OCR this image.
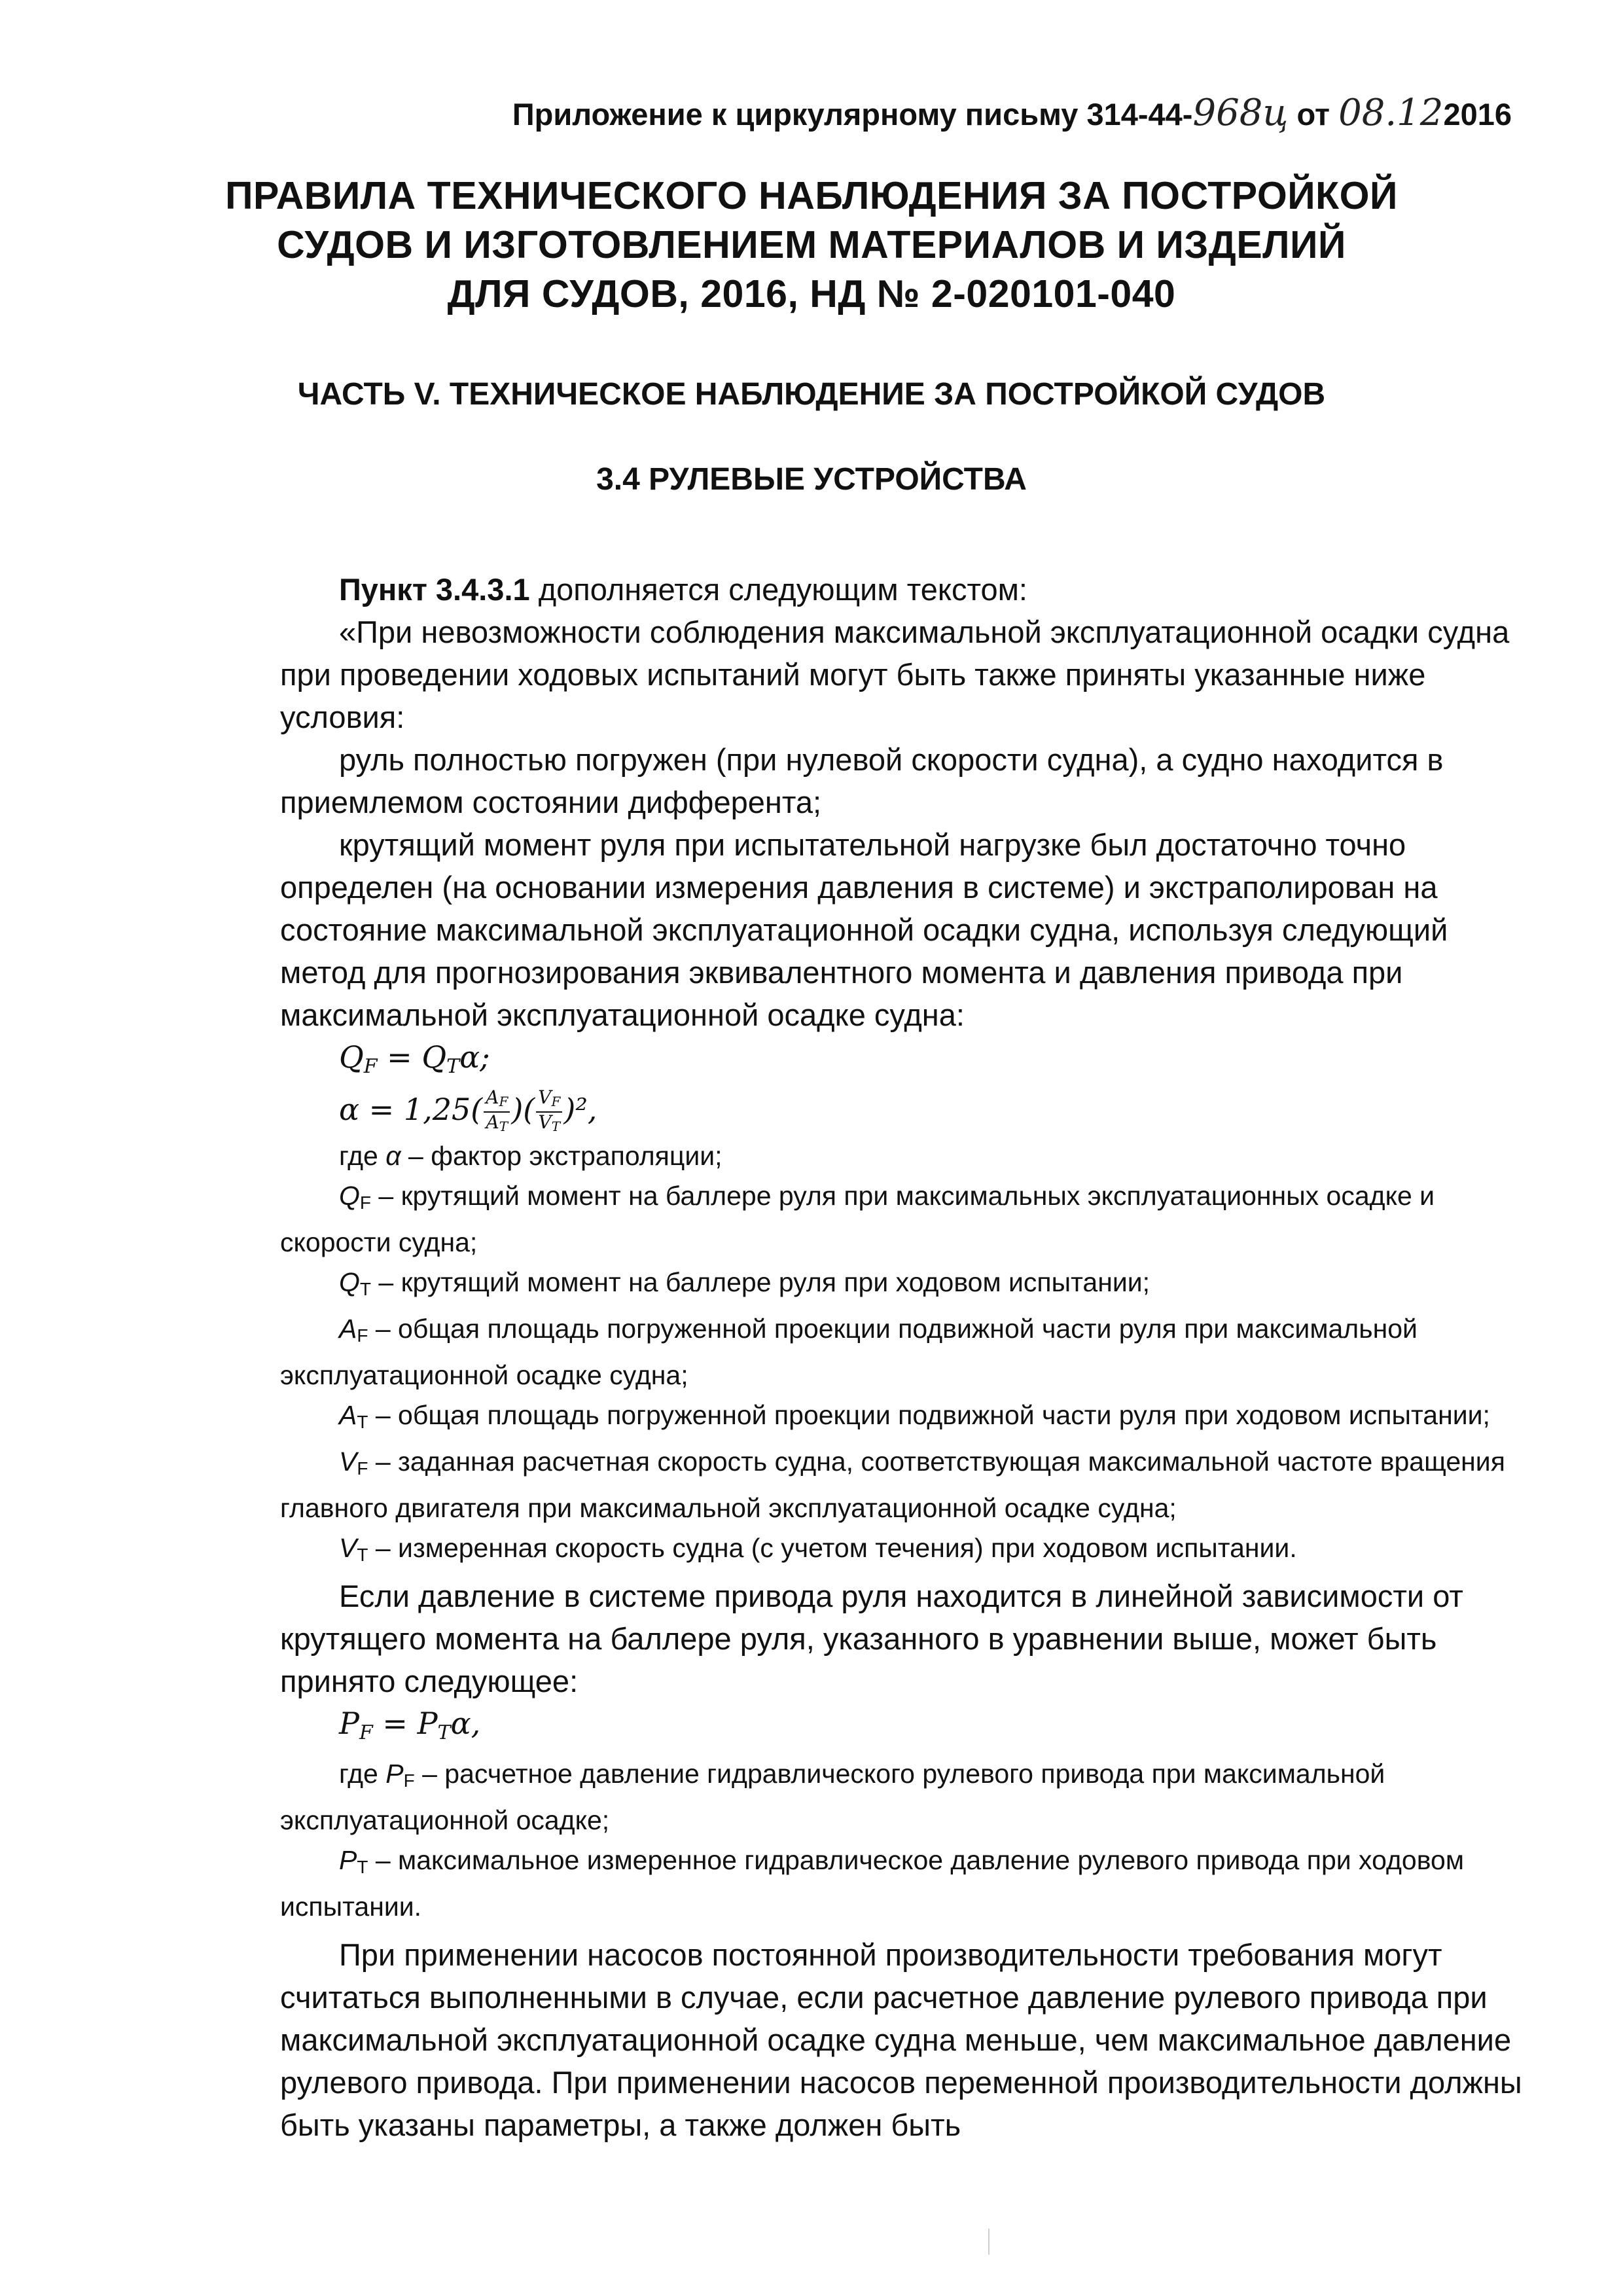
Приложение к циркулярному письму 314-44-968ц от 08.122016
ПРАВИЛА ТЕХНИЧЕСКОГО НАБЛЮДЕНИЯ ЗА ПОСТРОЙКОЙ
СУДОВ И ИЗГОТОВЛЕНИЕМ МАТЕРИАЛОВ И ИЗДЕЛИЙ
ДЛЯ СУДОВ, 2016, НД № 2-020101-040
ЧАСТЬ V. ТЕХНИЧЕСКОЕ НАБЛЮДЕНИЕ ЗА ПОСТРОЙКОЙ СУДОВ
3.4 РУЛЕВЫЕ УСТРОЙСТВА

Пункт 3.4.3.1 дополняется следующим текстом:

«При невозможности соблюдения максимальной эксплуатационной осадки судна при проведении ходовых испытаний могут быть также приняты указанные ниже условия:

руль полностью погружен (при нулевой скорости судна), а судно находится в приемлемом состоянии дифферента;

крутящий момент руля при испытательной нагрузке был достаточно точно определен (на основании измерения давления в системе) и экстраполирован на состояние максимальной эксплуатационной осадки судна, используя следующий метод для прогнозирования эквивалентного момента и давления привода при максимальной эксплуатационной осадке судна:

$Q_F = Q_T\alpha$;

$\alpha = 1,25( \frac{A_F}{A_T}$ )( $\frac{V_F}{V_T} )^2$,

где α – фактор экстраполяции;

$Q_F$ – крутящий момент на баллере руля при максимальных эксплуатационных осадке и скорости судна;

$Q_T$ – крутящий момент на баллере руля при ходовом испытании;

$A_F$ – общая площадь погруженной проекции подвижной части руля при максимальной эксплуатационной осадке судна;

$A_T$ – общая площадь погруженной проекции подвижной части руля при ходовом испытании;

$V_F$ – заданная расчетная скорость судна, соответствующая максимальной частоте вращения главного двигателя при максимальной эксплуатационной осадке судна;

$V_T$ – измеренная скорость судна (с учетом течения) при ходовом испытании.

Если давление в системе привода руля находится в линейной зависимости от крутящего момента на баллере руля, указанного в уравнении выше, может быть принято следующее:

$P_F = P_T\alpha$,

где $P_F$ – расчетное давление гидравлического рулевого привода при максимальной эксплуатационной осадке;

$P_T$ – максимальное измеренное гидравлическое давление рулевого привода при ходовом испытании.

При применении насосов постоянной производительности требования могут считаться выполненными в случае, если расчетное давление рулевого привода при максимальной эксплуатационной осадке судна меньше, чем максимальное давление рулевого привода. При применении насосов переменной производительности должны быть указаны параметры, а также должен быть
